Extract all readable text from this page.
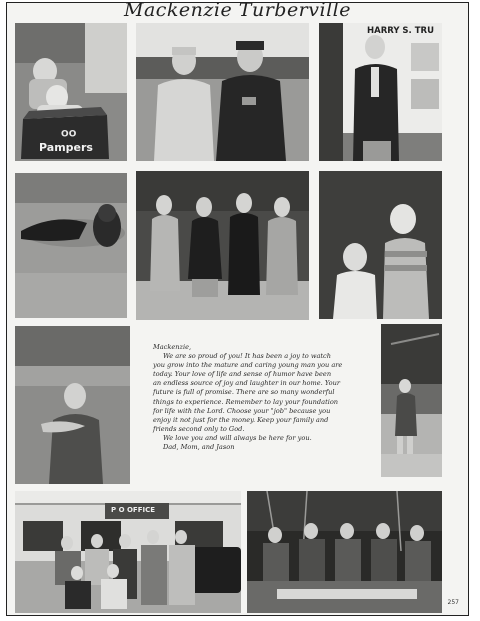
Mackenzie Turberville
OO
Pampers
HARRY S. TRU

Mackenzie,

We are so proud of you! It has been a joy to watch

you grow into the mature and caring young man you are

today. Your love of life and sense of humor have been

an endless source of joy and laughter in our home. Your

future is full of promise. There are so many wonderful

things to experience. Remember to lay your foundation

for life with the Lord. Choose your "job" because you

enjoy it not just for the money. Keep your family and

friends second only to God.

We love you and will always be here for you.

Dad, Mom, and Jason

P O OFFICE
257
